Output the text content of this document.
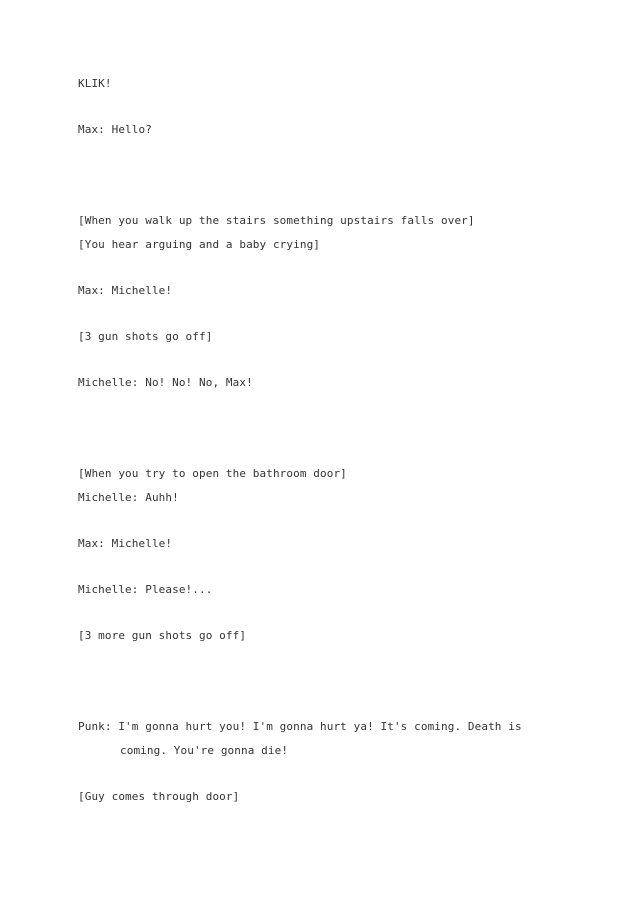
KLIK!
Max: Hello?
[When you walk up the stairs something upstairs falls over]
[You hear arguing and a baby crying]
Max: Michelle!
[3 gun shots go off]
Michelle: No! No! No, Max!
[When you try to open the bathroom door]
Michelle: Auhh!
Max: Michelle!
Michelle: Please!...
[3 more gun shots go off]
Punk: I'm gonna hurt you! I'm gonna hurt ya! It's coming. Death is
coming. You're gonna die!
[Guy comes through door]
